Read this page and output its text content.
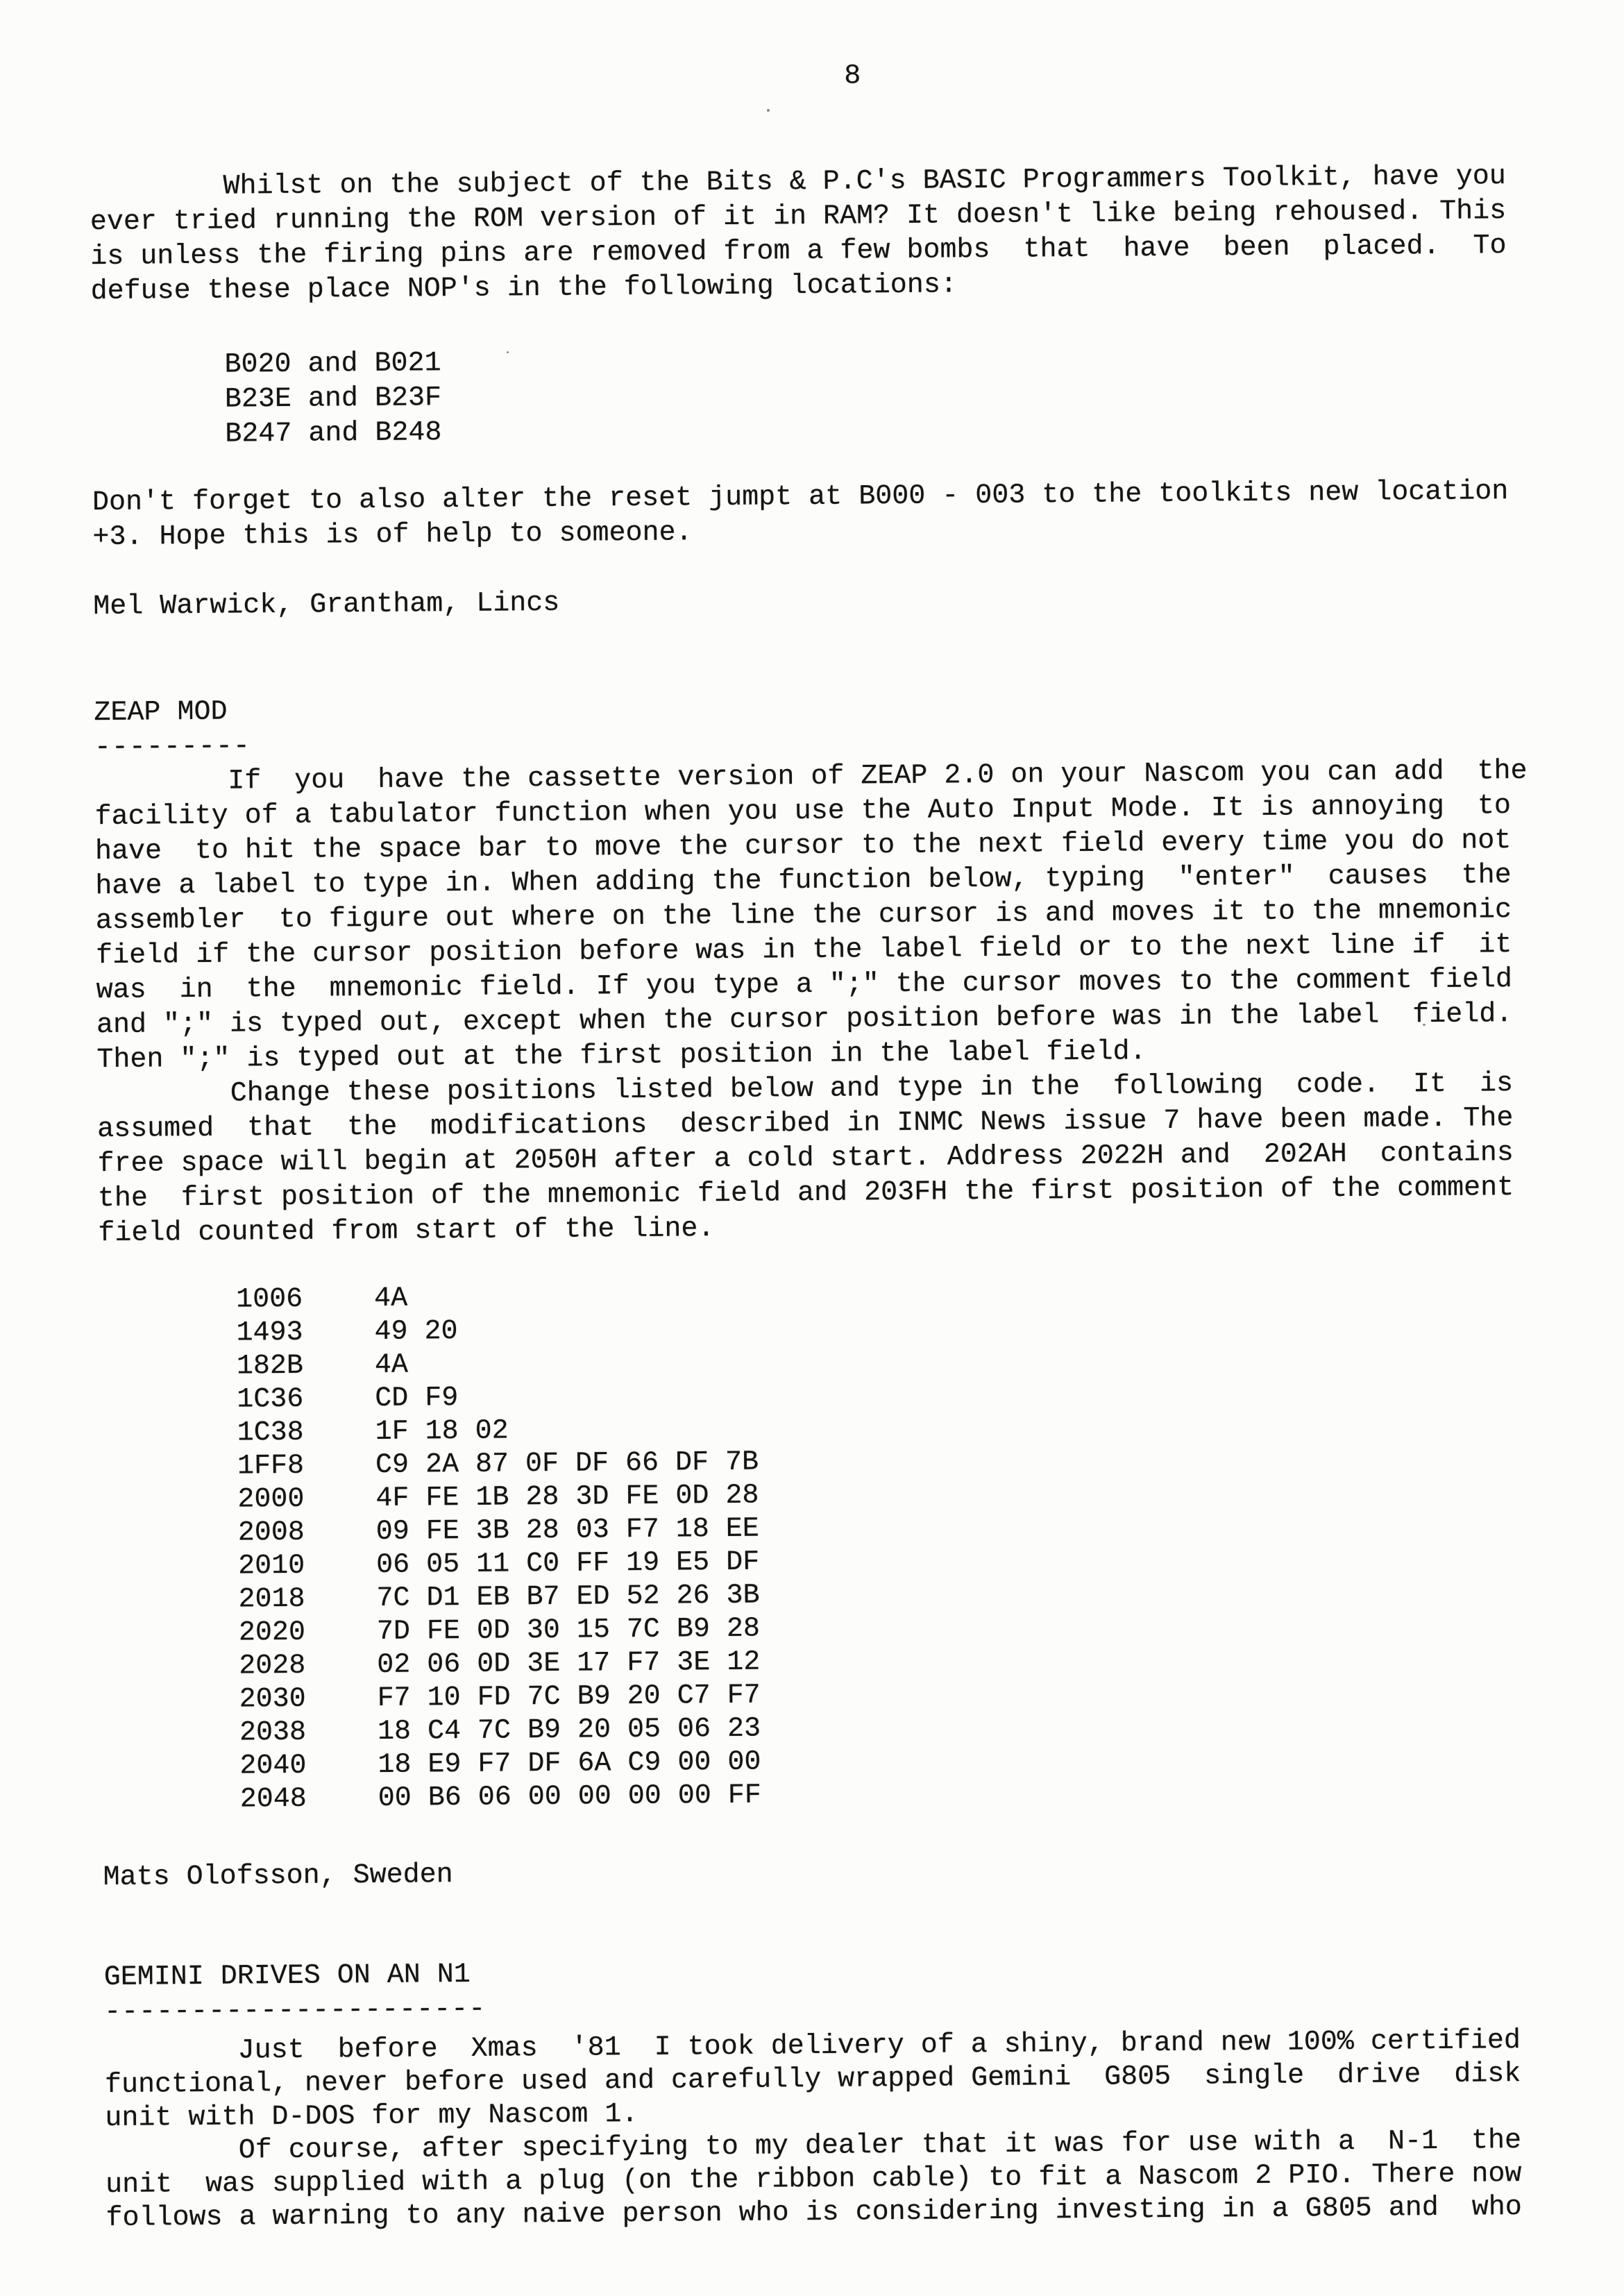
8
Whilst on the subject of the Bits & P.C's BASIC Programmers Toolkit, have you
ever tried running the ROM version of it in RAM? It doesn't like being rehoused. This
is unless the firing pins are removed from a few bombs  that  have  been  placed.  To
defuse these place NOP's in the following locations:
B020 and B021
B23E and B23F
B247 and B248
Don't forget to also alter the reset jumpt at B000 - 003 to the toolkits new location
+3. Hope this is of help to someone.
Mel Warwick, Grantham, Lincs
ZEAP MOD
---------
If  you  have the cassette version of ZEAP 2.0 on your Nascom you can add  the
facility of a tabulator function when you use the Auto Input Mode. It is annoying  to
have  to hit the space bar to move the cursor to the next field every time you do not
have a label to type in. When adding the function below, typing  "enter"  causes  the
assembler  to figure out where on the line the cursor is and moves it to the mnemonic
field if the cursor position before was in the label field or to the next line if  it
was  in  the  mnemonic field. If you type a ";" the cursor moves to the comment field
and ";" is typed out, except when the cursor position before was in the label  field.
Then ";" is typed out at the first position in the label field.
Change these positions listed below and type in the  following  code.  It  is
assumed  that  the  modifications  described in INMC News issue 7 have been made. The
free space will begin at 2050H after a cold start. Address 2022H and  202AH  contains
the  first position of the mnemonic field and 203FH the first position of the comment
field counted from start of the line.
1006	4A
1493	49 20
182B	4A
1C36	CD F9
1C38	1F 18 02
1FF8	C9 2A 87 0F DF 66 DF 7B
2000	4F FE 1B 28 3D FE 0D 28
2008	09 FE 3B 28 03 F7 18 EE
2010	06 05 11 C0 FF 19 E5 DF
2018	7C D1 EB B7 ED 52 26 3B
2020	7D FE 0D 30 15 7C B9 28
2028	02 06 0D 3E 17 F7 3E 12
2030	F7 10 FD 7C B9 20 C7 F7
2038	18 C4 7C B9 20 05 06 23
2040	18 E9 F7 DF 6A C9 00 00
2048	00 B6 06 00 00 00 00 FF
Mats Olofsson, Sweden
GEMINI DRIVES ON AN N1
----------------------
Just  before  Xmas  '81  I took delivery of a shiny, brand new 100% certified
functional, never before used and carefully wrapped Gemini  G805  single  drive  disk
unit with D-DOS for my Nascom 1.
Of course, after specifying to my dealer that it was for use with a  N-1  the
unit  was supplied with a plug (on the ribbon cable) to fit a Nascom 2 PIO. There now
follows a warning to any naive person who is considering investing in a G805 and  who
